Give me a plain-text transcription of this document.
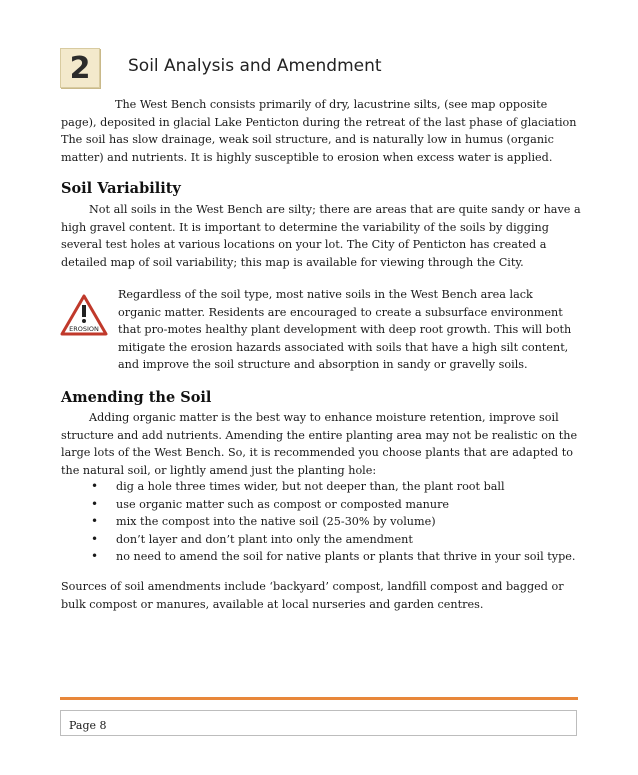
2	Soil Analysis and Amendment
The West Bench consists primarily of dry, lacustrine silts, (see map opposite page), deposited in glacial Lake Penticton during the retreat of the last phase of glaciation The soil has slow drainage, weak soil structure, and is naturally low in humus (organic matter) and nutrients. It is highly susceptible to erosion when excess water is applied.
Soil Variability
Not all soils in the West Bench are silty; there are areas that are quite sandy or have a high gravel content. It is important to determine the variability of the soils by digging several test holes at various locations on your lot. The City of Penticton has created a detailed map of soil variability; this map is available for viewing through the City.
EROSION
Regardless of the soil type, most native soils in the West Bench area lack organic matter. Residents are encouraged to create a subsurface environment that pro-motes healthy plant development with deep root growth. This will both mitigate the erosion hazards associated with soils that have a high silt content, and improve the soil structure and absorption in sandy or gravelly soils.
Amending the Soil
Adding organic matter is the best way to enhance moisture retention, improve soil structure and add nutrients. Amending the entire planting area may not be realistic on the large lots of the West Bench. So, it is recommended you choose plants that are adapted to the natural soil, or lightly amend just the planting hole:
• dig a hole three times wider, but not deeper than, the plant root ball
• use organic matter such as compost or composted manure
• mix the compost into the native soil (25-30% by volume)
• don’t layer and don’t plant into only the amendment
• no need to amend the soil for native plants or plants that thrive in your soil type.
Sources of soil amendments include ‘backyard’ compost, landfill compost and bagged or bulk compost or manures, available at local nurseries and garden centres.
Page 8
